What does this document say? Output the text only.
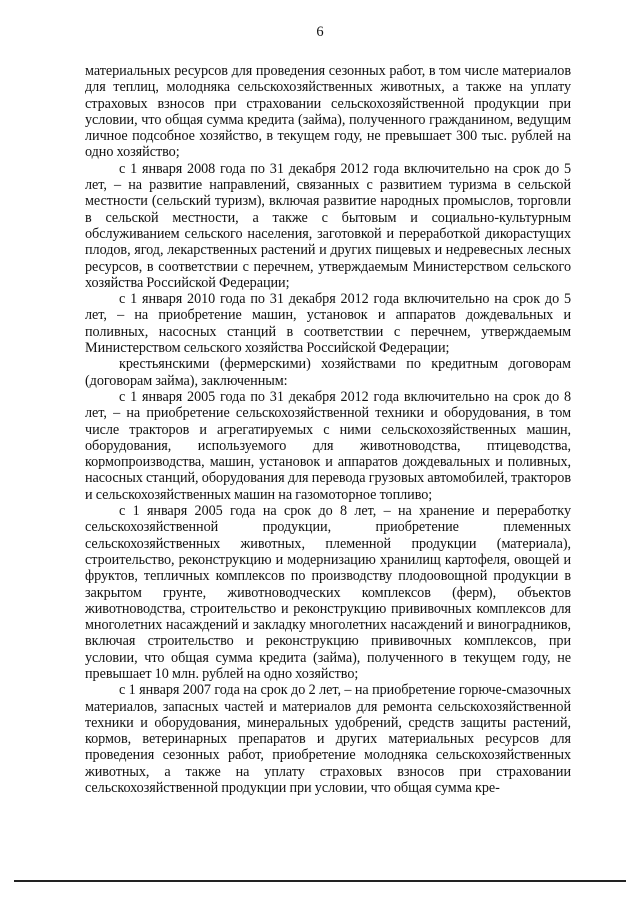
6

материальных ресурсов для проведения сезонных работ, в том числе материалов для теплиц, молодняка сельскохозяйственных животных, а также на уплату страховых взносов при страховании сельскохозяйственной продукции при условии, что общая сумма кредита (займа), полученного гражданином, ведущим личное подсобное хозяйство, в текущем году, не превышает 300 тыс. рублей на одно хозяйство;

с 1 января 2008 года по 31 декабря 2012 года включительно на срок до 5 лет, – на развитие направлений, связанных с развитием туризма в сельской местности (сельский туризм), включая развитие народных промыслов, торговли в сельской местности, а также с бытовым и социально-культурным обслуживанием сельского населения, заготовкой и переработкой дикорастущих плодов, ягод, лекарственных растений и других пищевых и недревесных лесных ресурсов, в соответствии с перечнем, утверждаемым Министерством сельского хозяйства Российской Федерации;

с 1 января 2010 года по 31 декабря 2012 года включительно на срок до 5 лет, – на приобретение машин, установок и аппаратов дождевальных и поливных, насосных станций в соответствии с перечнем, утверждаемым Министерством сельского хозяйства Российской Федерации;

крестьянскими (фермерскими) хозяйствами по кредитным договорам (договорам займа), заключенным:

с 1 января 2005 года по 31 декабря 2012 года включительно на срок до 8 лет, – на приобретение сельскохозяйственной техники и оборудования, в том числе тракторов и агрегатируемых с ними сельскохозяйственных машин, оборудования, используемого для животноводства, птицеводства, кормопроизводства, машин, установок и аппаратов дождевальных и поливных, насосных станций, оборудования для перевода грузовых автомобилей, тракторов и сельскохозяйственных машин на газомоторное топливо;

с 1 января 2005 года на срок до 8 лет, – на хранение и переработку сельскохозяйственной продукции, приобретение племенных сельскохозяйственных животных, племенной продукции (материала), строительство, реконструкцию и модернизацию хранилищ картофеля, овощей и фруктов, тепличных комплексов по производству плодоовощной продукции в закрытом грунте, животноводческих комплексов (ферм), объектов животноводства, строительство и реконструкцию прививочных комплексов для многолетних насаждений и закладку многолетних насаждений и виноградников, включая строительство и реконструкцию прививочных комплексов, при условии, что общая сумма кредита (займа), полученного в текущем году, не превышает 10 млн. рублей на одно хозяйство;

с 1 января 2007 года на срок до 2 лет, – на приобретение горюче-смазочных материалов, запасных частей и материалов для ремонта сельскохозяйственной техники и оборудования, минеральных удобрений, средств защиты растений, кормов, ветеринарных препаратов и других материальных ресурсов для проведения сезонных работ, приобретение молодняка сельскохозяйственных животных, а также на уплату страховых взносов при страховании сельскохозяйственной продукции при условии, что общая сумма кре-
